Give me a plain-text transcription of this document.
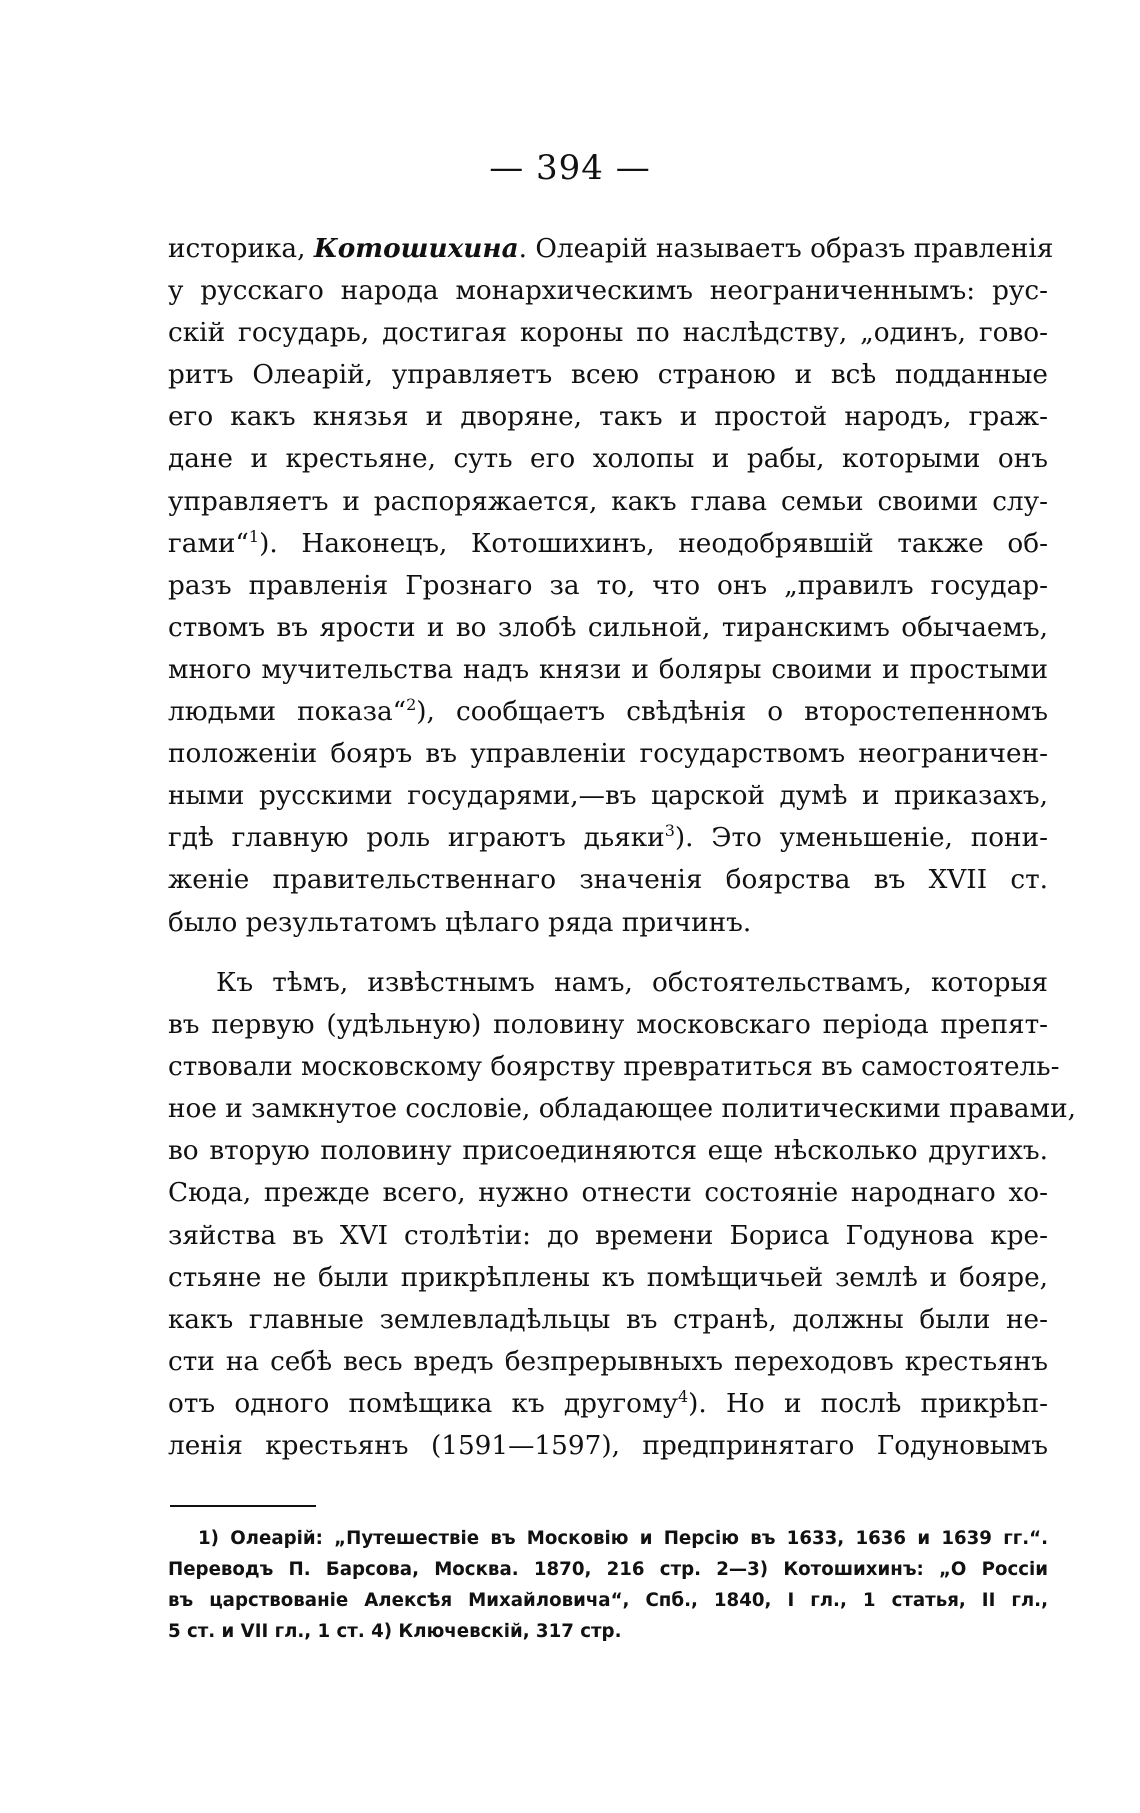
— 394 —
историка, Котошихина. Олеарій называетъ образъ правленія
у русскаго народа монархическимъ неограниченнымъ: рус-
скій государь, достигая короны по наслѣдству, „одинъ, гово-
ритъ Олеарій, управляетъ всею страною и всѣ подданные
его какъ князья и дворяне, такъ и простой народъ, граж-
дане и крестьяне, суть его холопы и рабы, которыми онъ
управляетъ и распоряжается, какъ глава семьи своими слу-
гами“$^1$). Наконецъ, Котошихинъ, неодобрявшій также об-
разъ правленія Грознаго за то, что онъ „правилъ государ-
ствомъ въ ярости и во злобѣ сильной, тиранскимъ обычаемъ,
много мучительства надъ князи и боляры своими и простыми
людьми показа“$^2$), сообщаетъ свѣдѣнія о второстепенномъ
положеніи бояръ въ управленіи государствомъ неограничен-
ными русскими государями,—въ царской думѣ и приказахъ,
гдѣ главную роль играютъ дьяки$^3$). Это уменьшеніе, пони-
женіе правительственнаго значенія боярства въ XVII ст.
было результатомъ цѣлаго ряда причинъ.
Къ тѣмъ, извѣстнымъ намъ, обстоятельствамъ, которыя
въ первую (удѣльную) половину московскаго періода препят-
ствовали московскому боярству превратиться въ самостоятель-
ное и замкнутое сословіе, обладающее политическими правами,
во вторую половину присоединяются еще нѣсколько другихъ.
Сюда, прежде всего, нужно отнести состояніе народнаго хо-
зяйства въ XVI столѣтіи: до времени Бориса Годунова кре-
стьяне не были прикрѣплены къ помѣщичьей землѣ и бояре,
какъ главные землевладѣльцы въ странѣ, должны были не-
сти на себѣ весь вредъ безпрерывныхъ переходовъ крестьянъ
отъ одного помѣщика къ другому$^4$). Но и послѣ прикрѣп-
ленія крестьянъ (1591—1597), предпринятаго Годуновымъ
1) Олеарій: „Путешествіе въ Московію и Персію въ 1633, 1636 и 1639 гг.“.
Переводъ П. Барсова, Москва. 1870, 216 стр. 2—3) Котошихинъ: „О Россіи
въ царствованіе Алексѣя Михайловича“, Спб., 1840, I гл., 1 статья, II гл.,
5 ст. и VII гл., 1 ст. 4) Ключевскій, 317 стр.
